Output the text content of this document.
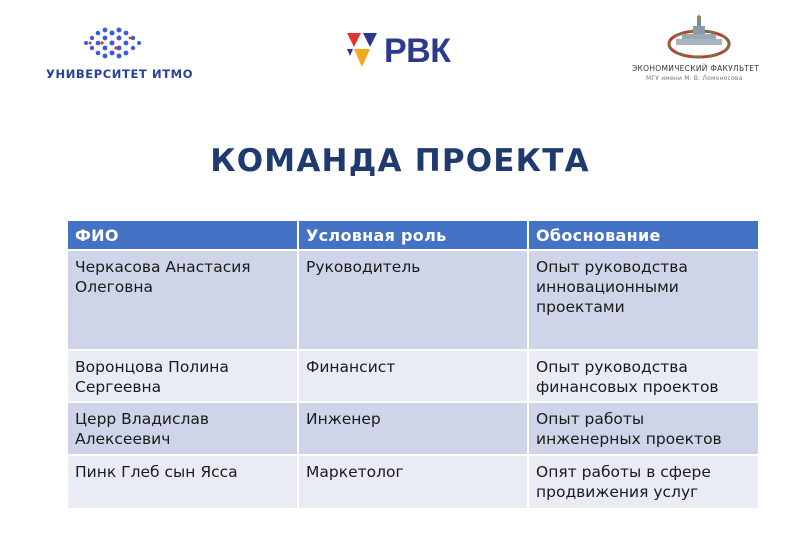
УНИВЕРСИТЕТ ИТМО
РВК	ЭКОНОМИЧЕСКИЙ ФАКУЛЬТЕТ
МГУ имени М. В. Ломоносова
КОМАНДА ПРОЕКТА
ФИО	Условная роль	Обоснование
Черкасова Анастасия Олеговна	Руководитель	Опыт руководства инновационными проектами
Воронцова Полина Сергеевна	Финансист	Опыт руководства финансовых проектов
Церр Владислав Алексеевич	Инженер	Опыт работы инженерных проектов
Пинк Глеб сын Ясса	Маркетолог	Опят работы в сфере продвижения услуг
